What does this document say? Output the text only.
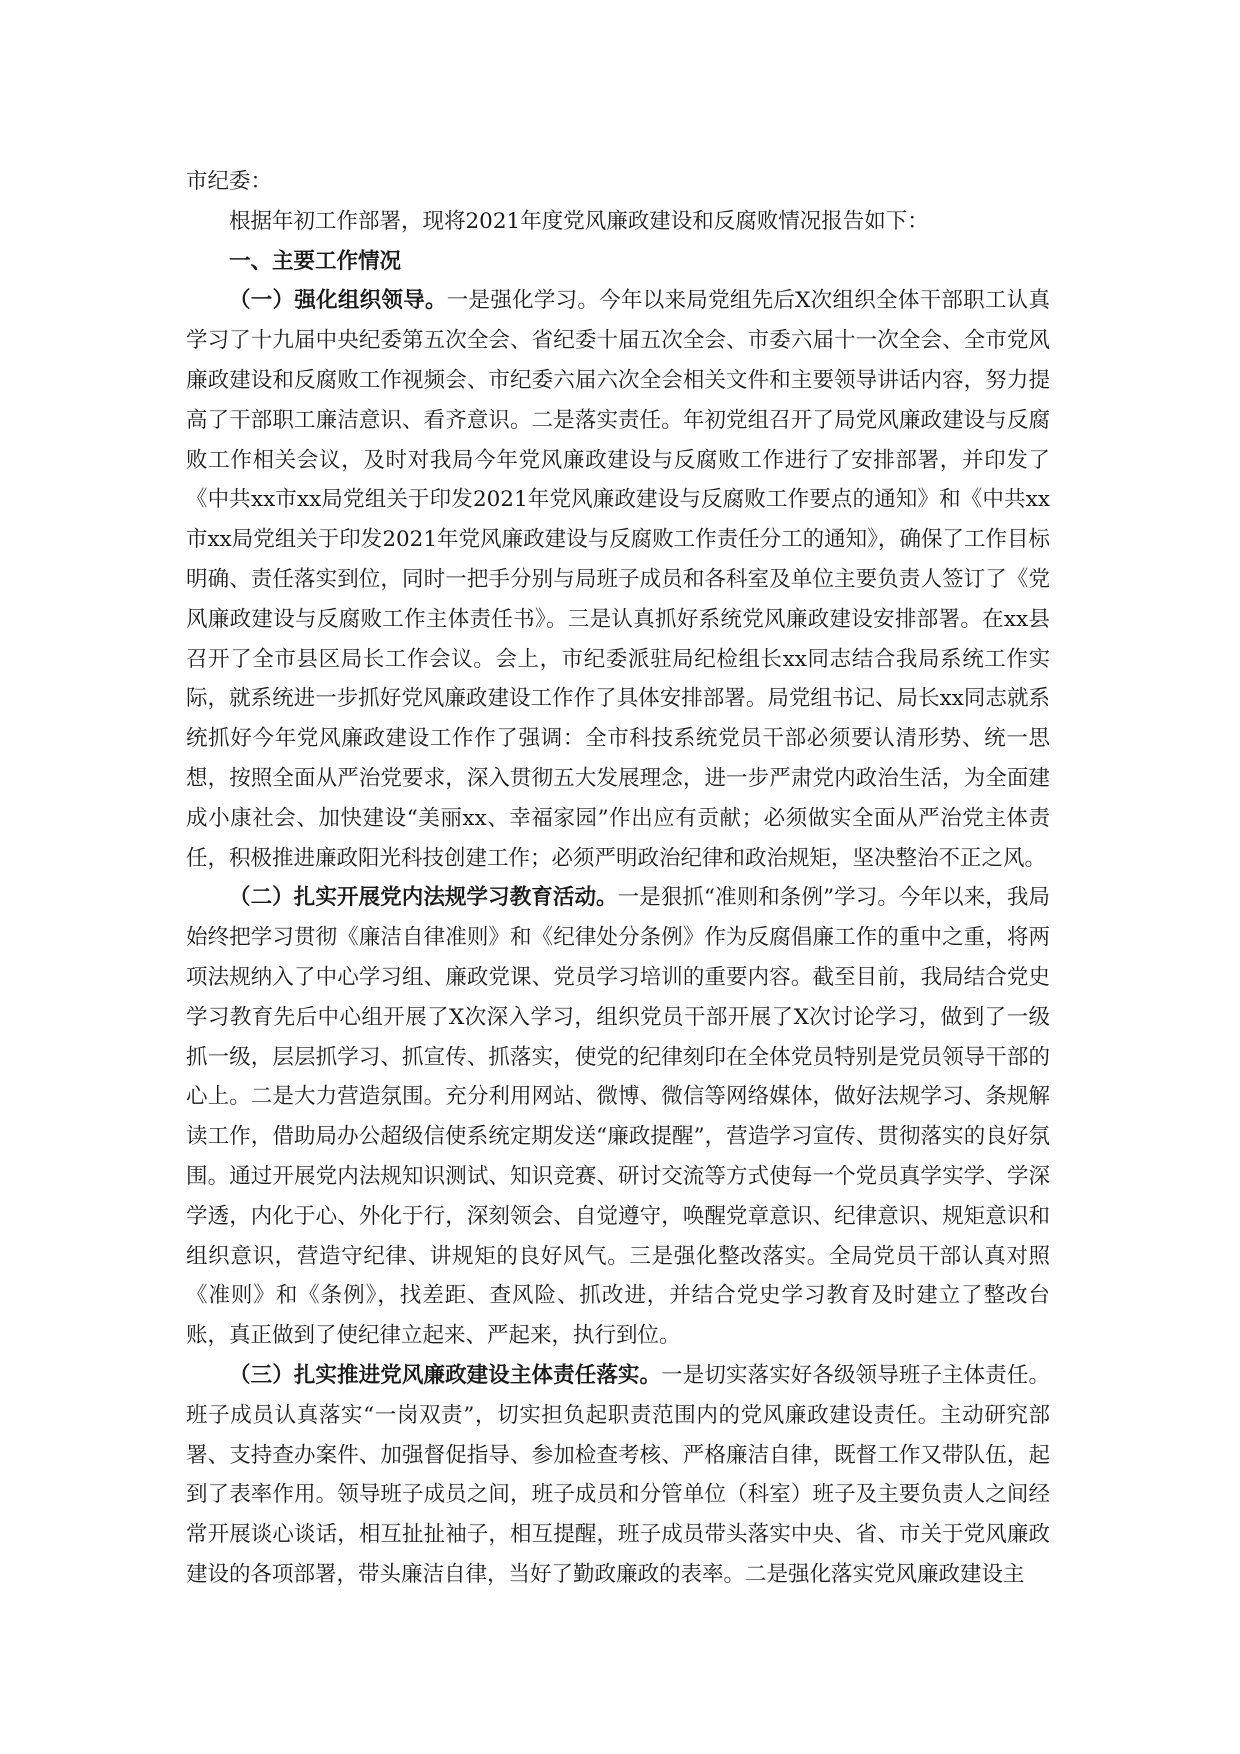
市纪委：

根据年初工作部署，现将2021年度党风廉政建设和反腐败情况报告如下：

一、主要工作情况

（一）强化组织领导。一是强化学习。今年以来局党组先后X次组织全体干部职工认真学习了十九届中央纪委第五次全会、省纪委十届五次全会、市委六届十一次全会、全市党风廉政建设和反腐败工作视频会、市纪委六届六次全会相关文件和主要领导讲话内容，努力提高了干部职工廉洁意识、看齐意识。二是落实责任。年初党组召开了局党风廉政建设与反腐败工作相关会议，及时对我局今年党风廉政建设与反腐败工作进行了安排部署，并印发了《中共xx市xx局党组关于印发2021年党风廉政建设与反腐败工作要点的通知》和《中共xx市xx局党组关于印发2021年党风廉政建设与反腐败工作责任分工的通知》，确保了工作目标明确、责任落实到位，同时一把手分别与局班子成员和各科室及单位主要负责人签订了《党风廉政建设与反腐败工作主体责任书》。三是认真抓好系统党风廉政建设安排部署。在xx县召开了全市县区局长工作会议。会上，市纪委派驻局纪检组长xx同志结合我局系统工作实际，就系统进一步抓好党风廉政建设工作作了具体安排部署。局党组书记、局长xx同志就系统抓好今年党风廉政建设工作作了强调：全市科技系统党员干部必须要认清形势、统一思想，按照全面从严治党要求，深入贯彻五大发展理念，进一步严肃党内政治生活，为全面建成小康社会、加快建设“美丽xx、幸福家园”作出应有贡献；必须做实全面从严治党主体责任，积极推进廉政阳光科技创建工作；必须严明政治纪律和政治规矩，坚决整治不正之风。

（二）扎实开展党内法规学习教育活动。一是狠抓“准则和条例”学习。今年以来，我局始终把学习贯彻《廉洁自律准则》和《纪律处分条例》作为反腐倡廉工作的重中之重，将两项法规纳入了中心学习组、廉政党课、党员学习培训的重要内容。截至目前，我局结合党史学习教育先后中心组开展了X次深入学习，组织党员干部开展了X次讨论学习，做到了一级抓一级，层层抓学习、抓宣传、抓落实，使党的纪律刻印在全体党员特别是党员领导干部的心上。二是大力营造氛围。充分利用网站、微博、微信等网络媒体，做好法规学习、条规解读工作，借助局办公超级信使系统定期发送“廉政提醒”，营造学习宣传、贯彻落实的良好氛围。通过开展党内法规知识测试、知识竞赛、研讨交流等方式使每一个党员真学实学、学深学透，内化于心、外化于行，深刻领会、自觉遵守，唤醒党章意识、纪律意识、规矩意识和组织意识，营造守纪律、讲规矩的良好风气。三是强化整改落实。全局党员干部认真对照《准则》和《条例》，找差距、查风险、抓改进，并结合党史学习教育及时建立了整改台账，真正做到了使纪律立起来、严起来，执行到位。

（三）扎实推进党风廉政建设主体责任落实。一是切实落实好各级领导班子主体责任。班子成员认真落实“一岗双责”，切实担负起职责范围内的党风廉政建设责任。主动研究部署、支持查办案件、加强督促指导、参加检查考核、严格廉洁自律，既督工作又带队伍，起到了表率作用。领导班子成员之间，班子成员和分管单位（科室）班子及主要负责人之间经常开展谈心谈话，相互扯扯袖子，相互提醒，班子成员带头落实中央、省、市关于党风廉政建设的各项部署，带头廉洁自律，当好了勤政廉政的表率。二是强化落实党风廉政建设主
